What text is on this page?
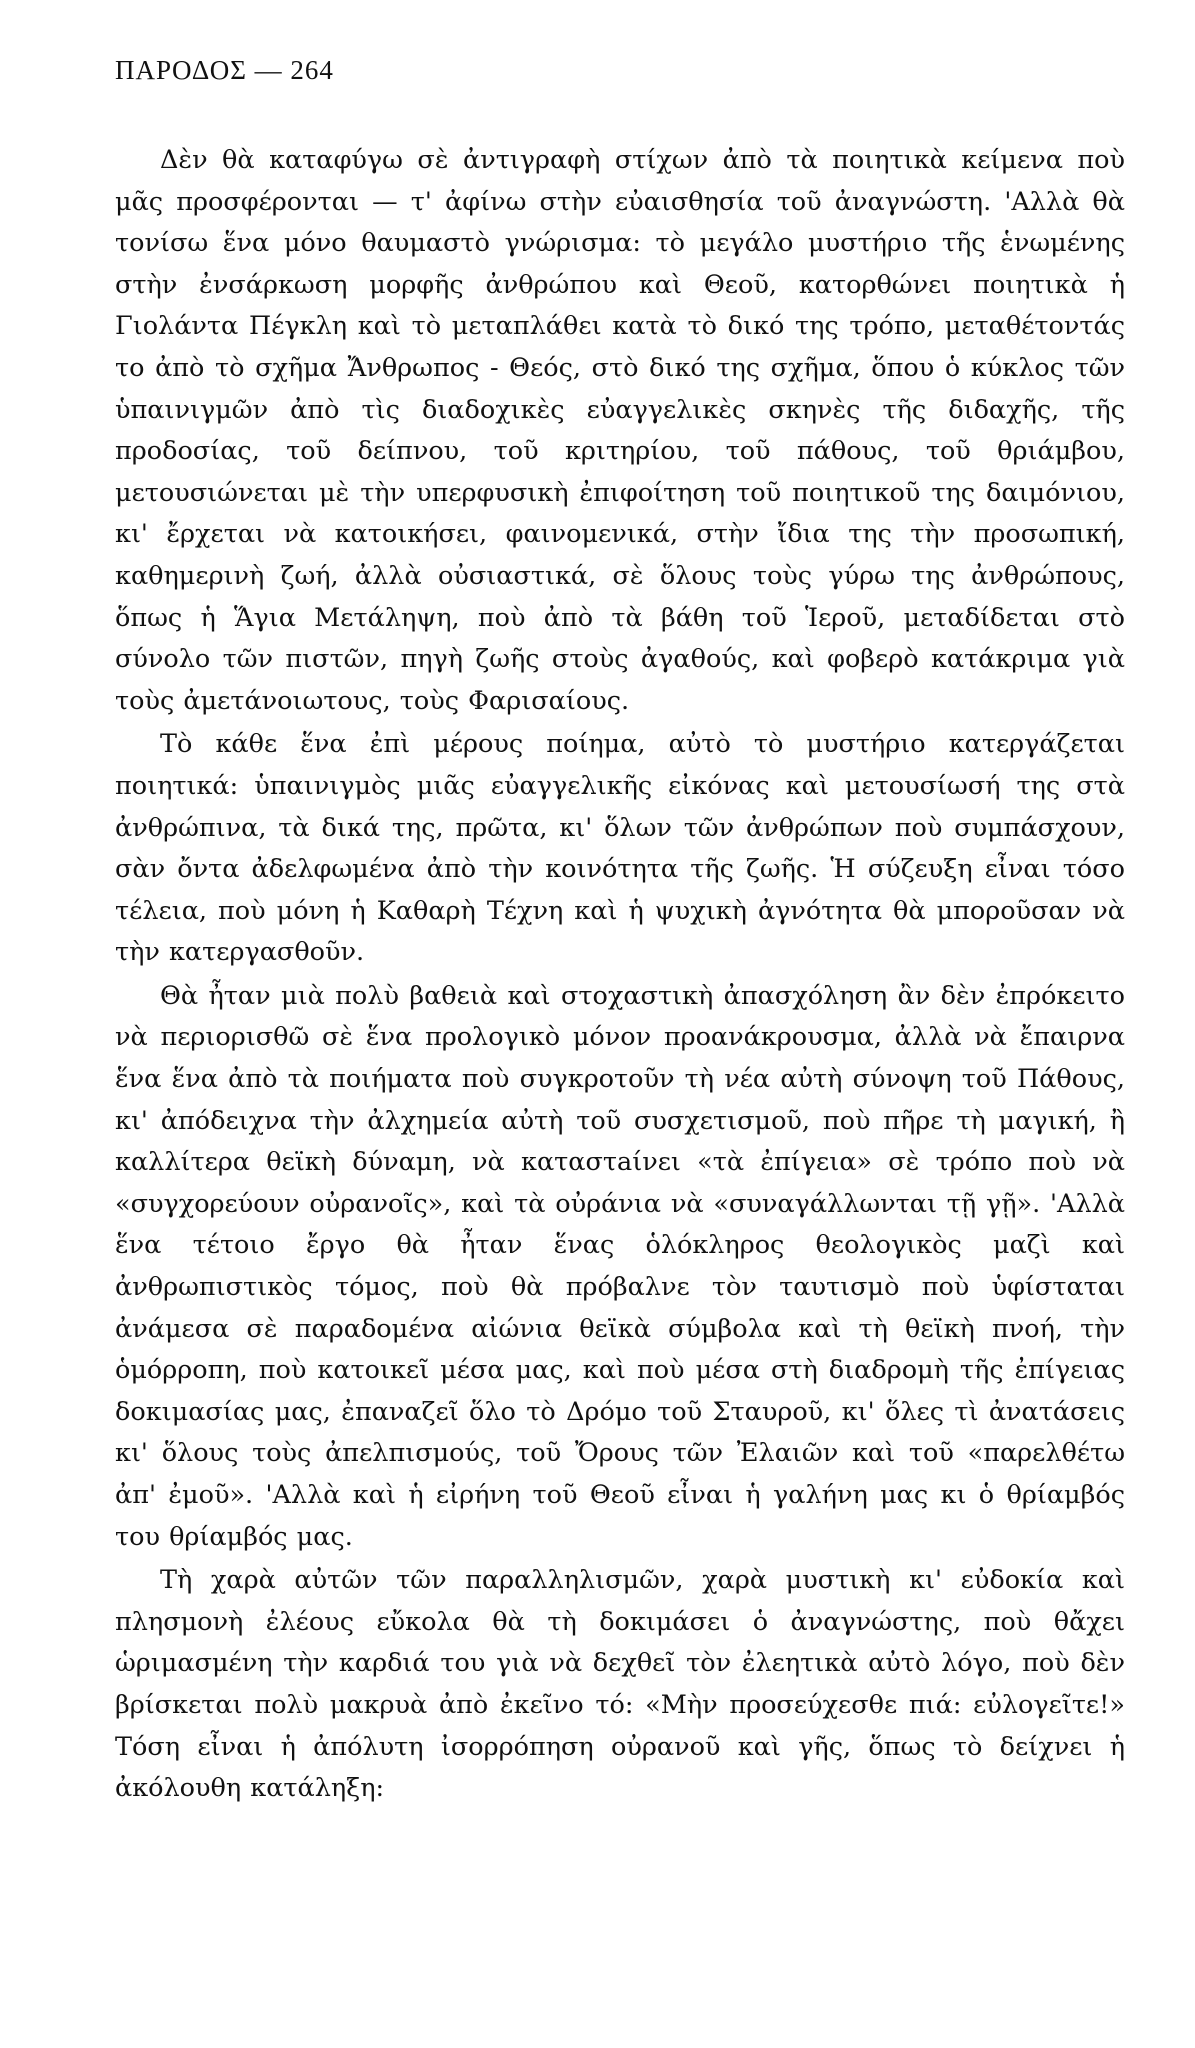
ΠΑΡΟΔΟΣ — 264

Δὲν θὰ καταφύγω σὲ ἀντιγραφὴ στίχων ἀπὸ τὰ ποιητικὰ κείμενα ποὺ μᾶς προσφέρονται — τ' ἀφίνω στὴν εὐαισθησία τοῦ ἀναγνώστη. 'Αλλὰ θὰ τονίσω ἕνα μόνο θαυμαστὸ γνώρισμα: τὸ μεγάλο μυστήριο τῆς ἑνωμένης στὴν ἐνσάρκωση μορφῆς ἀνθρώπου καὶ Θεοῦ, κατορθώνει ποιητικὰ ἡ Γιολάντα Πέγκλη καὶ τὸ μεταπλάθει κατὰ τὸ δικό της τρόπο, μεταθέτοντάς το ἀπὸ τὸ σχῆμα Ἄνθρωπος - Θεός, στὸ δικό της σχῆμα, ὅπου ὁ κύκλος τῶν ὑπαινιγμῶν ἀπὸ τὶς διαδοχικὲς εὐαγγελικὲς σκηνὲς τῆς διδαχῆς, τῆς προδοσίας, τοῦ δείπνου, τοῦ κριτηρίου, τοῦ πάθους, τοῦ θριάμβου, μετουσιώνεται μὲ τὴν υπερφυσικὴ ἐπιφοίτηση τοῦ ποιητικοῦ της δαιμόνιου, κι' ἔρχεται νὰ κατοικήσει, φαινομενικά, στὴν ἴδια της τὴν προσωπική, καθημερινὴ ζωή, ἀλλὰ οὐσιαστικά, σὲ ὅλους τοὺς γύρω της ἀνθρώπους, ὅπως ἡ Ἅγια Μετάληψη, ποὺ ἀπὸ τὰ βάθη τοῦ Ἱεροῦ, μεταδίδεται στὸ σύνολο τῶν πιστῶν, πηγὴ ζωῆς στοὺς ἀγαθούς, καὶ φοβερὸ κατάκριμα γιὰ τοὺς ἀμετάνοιωτους, τοὺς Φαρισαίους.

Τὸ κάθε ἕνα ἐπὶ μέρους ποίημα, αὐτὸ τὸ μυστήριο κατεργάζεται ποιητικά: ὑπαινιγμὸς μιᾶς εὐαγγελικῆς εἰκόνας καὶ μετουσίωσή της στὰ ἀνθρώπινα, τὰ δικά της, πρῶτα, κι' ὅλων τῶν ἀνθρώπων ποὺ συμπάσχουν, σὰν ὄντα ἀδελφωμένα ἀπὸ τὴν κοινότητα τῆς ζωῆς. Ἡ σύζευξη εἶναι τόσο τέλεια, ποὺ μόνη ἡ Καθαρὴ Τέχνη καὶ ἡ ψυχικὴ ἀγνότητα θὰ μποροῦσαν νὰ τὴν κατεργασθοῦν.

Θὰ ἦταν μιὰ πολὺ βαθειὰ καὶ στοχαστικὴ ἀπασχόληση ἂν δὲν ἐπρόκειτο νὰ περιορισθῶ σὲ ἕνα προλογικὸ μόνον προανάκρουσμα, ἀλλὰ νὰ ἔπαιρνα ἕνα ἕνα ἀπὸ τὰ ποιήματα ποὺ συγκροτοῦν τὴ νέα αὐτὴ σύνοψη τοῦ Πάθους, κι' ἀπόδειχνα τὴν ἀλχημεία αὐτὴ τοῦ συσχετισμοῦ, ποὺ πῆρε τὴ μαγική, ἢ καλλίτερα θεϊκὴ δύναμη, νὰ καταστaίνει «τὰ ἐπίγεια» σὲ τρόπο ποὺ νὰ «συγχορεύουν οὐρανοῖς», καὶ τὰ οὐράνια νὰ «συναγάλλωνται τῇ γῇ». 'Αλλὰ ἕνα τέτοιο ἔργο θὰ ἦταν ἕνας ὁλόκληρος θεολογικὸς μαζὶ καὶ ἀνθρωπιστικὸς τόμος, ποὺ θὰ πρόβαλνε τὸν ταυτισμὸ ποὺ ὑφίσταται ἀνάμεσα σὲ παραδομένα αἰώνια θεϊκὰ σύμβολα καὶ τὴ θεϊκὴ πνοή, τὴν ὁμόρροπη, ποὺ κατοικεῖ μέσα μας, καὶ ποὺ μέσα στὴ διαδρομὴ τῆς ἐπίγειας δοκιμασίας μας, ἐπαναζεῖ ὅλο τὸ Δρόμο τοῦ Σταυροῦ, κι' ὅλες τὶ ἀνατάσεις κι' ὅλους τοὺς ἀπελπισμούς, τοῦ Ὄρους τῶν Ἐλαιῶν καὶ τοῦ «παρελθέτω ἀπ' ἐμοῦ». 'Αλλὰ καὶ ἡ εἰρήνη τοῦ Θεοῦ εἶναι ἡ γαλήνη μας κι ὁ θρίαμβός του θρίαμβός μας.

Τὴ χαρὰ αὐτῶν τῶν παραλληλισμῶν, χαρὰ μυστικὴ κι' εὐδοκία καὶ πλησμονὴ ἐλέους εὔκολα θὰ τὴ δοκιμάσει ὁ ἀναγνώστης, ποὺ θἄχει ὡριμασμένη τὴν καρδιά του γιὰ νὰ δεχθεῖ τὸν ἐλεητικὰ αὐτὸ λόγο, ποὺ δὲν βρίσκεται πολὺ μακρυὰ ἀπὸ ἐκεῖνο τό: «Μὴν προσεύχεσθε πιά: εὐλογεῖτε!» Τόση εἶναι ἡ ἀπόλυτη ἰσορρόπηση οὐρανοῦ καὶ γῆς, ὅπως τὸ δείχνει ἡ ἀκόλουθη κατάληξη:
